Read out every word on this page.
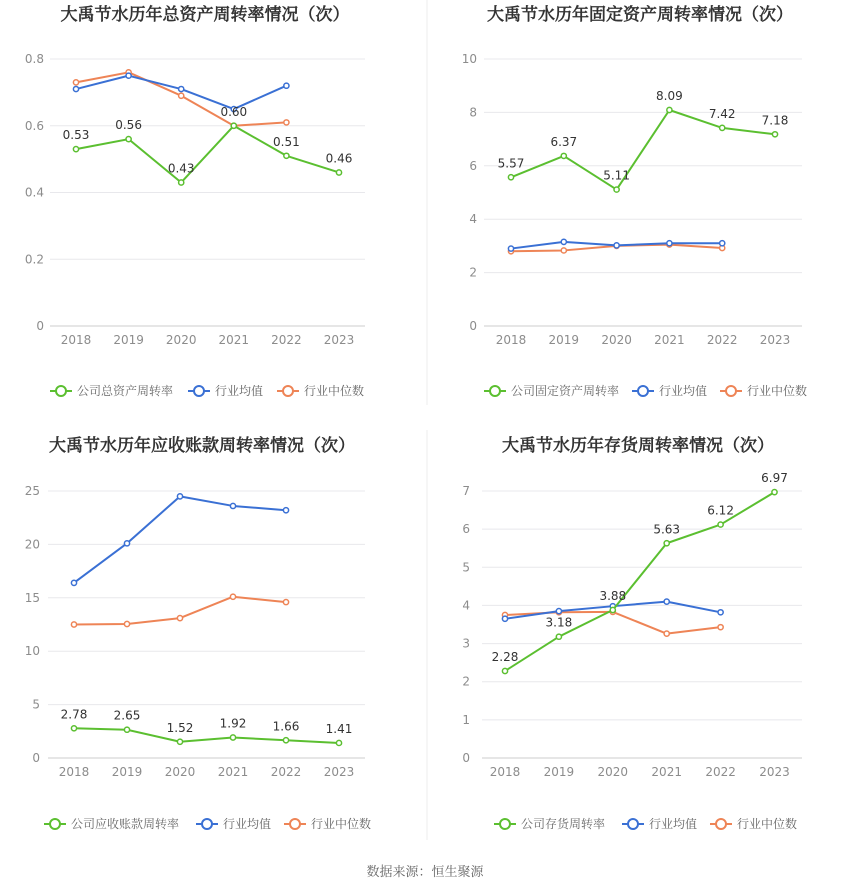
数据来源：恒生聚源
大禹节水历年总资产周转率情况（次）
0
0.2
0.4
0.6
0.8
2018 2019 2020 2021 2022 2023
0.53
0.56
0.43
0.60
0.51
0.46
公司总资产周转率	行业均值	行业中位数
大禹节水历年固定资产周转率情况（次）
0
2
4
6
8
10
2018 2019 2020 2021 2022 2023
5.57
6.37
5.11
8.09
7.42 7.18
公司固定资产周转率	行业均值	行业中位数
大禹节水历年应收账款周转率情况（次）
0
5
10
15
20
25
2018 2019 2020 2021 2022 2023
2.78 2.65
1.52 1.92 1.66 1.41
公司应收账款周转率	行业均值	行业中位数
大禹节水历年存货周转率情况（次）
0
1
2
3
4
5
6
7
2018 2019 2020 2021 2022 2023
2.28
3.18
3.88
5.63
6.12
6.97
公司存货周转率	行业均值	行业中位数
